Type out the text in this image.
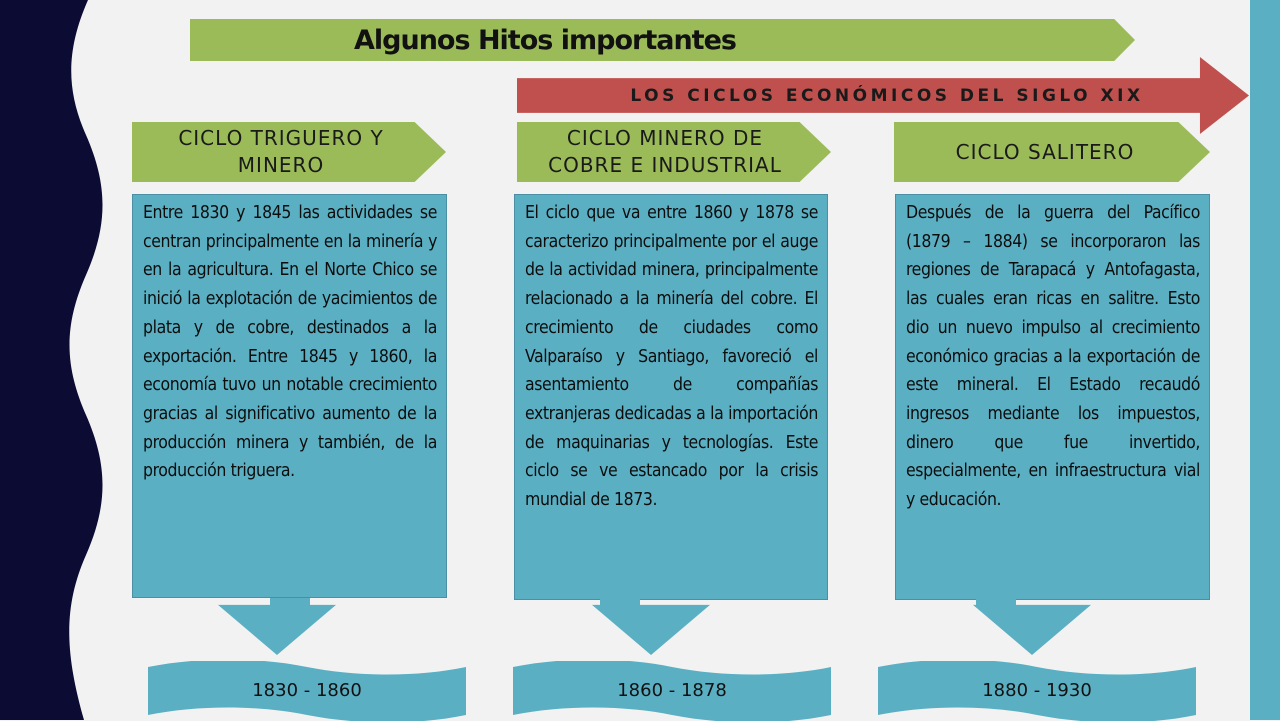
Algunos Hitos importantes
LOS CICLOS ECONÓMICOS DEL SIGLO XIX
CICLO TRIGUERO Y MINERO
CICLO MINERO DE COBRE E INDUSTRIAL
CICLO SALITERO

Entre 1830 y 1845 las actividades se centran principalmente en la minería y en la agricultura. En el Norte Chico se inició la explotación de yacimientos de plata y de cobre, destinados a la exportación. Entre 1845 y 1860, la economía tuvo un notable crecimiento gracias al significativo aumento de la producción minera y también, de la producción triguera.

El ciclo que va entre 1860 y 1878 se caracterizo principalmente por el auge de la actividad minera, principalmente relacionado a la minería del cobre. El crecimiento de ciudades como Valparaíso y Santiago, favoreció el asentamiento de compañías extranjeras dedicadas a la importación de maquinarias y tecnologías. Este ciclo se ve estancado por la crisis mundial de 1873.

Después de la guerra del Pacífico (1879 – 1884) se incorporaron las regiones de Tarapacá y Antofagasta, las cuales eran ricas en salitre. Esto dio un nuevo impulso al crecimiento económico gracias a la exportación de este mineral. El Estado recaudó ingresos mediante los impuestos, dinero que fue invertido, especialmente, en infraestructura vial y educación.

1830 - 1860	1860 - 1878	1880 - 1930
